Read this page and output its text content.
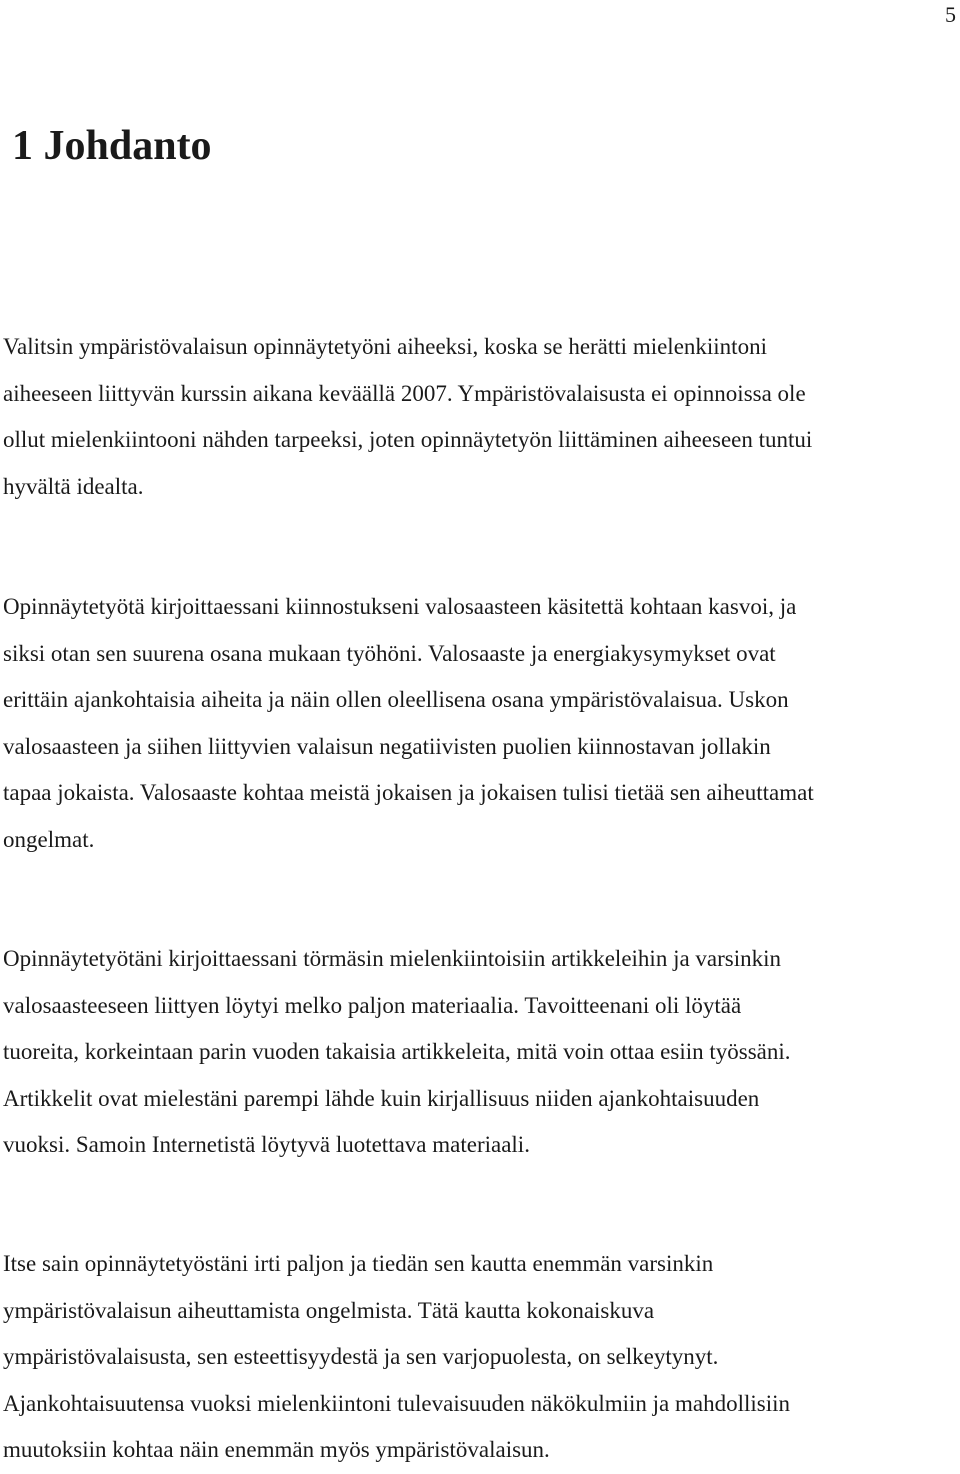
5
1 Johdanto

Valitsin ympäristövalaisun opinnäytetyöni aiheeksi, koska se herätti mielenkiintoni
aiheeseen liittyvän kurssin aikana keväällä 2007. Ympäristövalaisusta ei opinnoissa ole
ollut mielenkiintooni nähden tarpeeksi, joten opinnäytetyön liittäminen aiheeseen tuntui
hyvältä idealta.

Opinnäytetyötä kirjoittaessani kiinnostukseni valosaasteen käsitettä kohtaan kasvoi, ja
siksi otan sen suurena osana mukaan työhöni. Valosaaste ja energiakysymykset ovat
erittäin ajankohtaisia aiheita ja näin ollen oleellisena osana ympäristövalaisua. Uskon
valosaasteen ja siihen liittyvien valaisun negatiivisten puolien kiinnostavan jollakin
tapaa jokaista. Valosaaste kohtaa meistä jokaisen ja jokaisen tulisi tietää sen aiheuttamat
ongelmat.

Opinnäytetyötäni kirjoittaessani törmäsin mielenkiintoisiin artikkeleihin ja varsinkin
valosaasteeseen liittyen löytyi melko paljon materiaalia. Tavoitteenani oli löytää
tuoreita, korkeintaan parin vuoden takaisia artikkeleita, mitä voin ottaa esiin työssäni.
Artikkelit ovat mielestäni parempi lähde kuin kirjallisuus niiden ajankohtaisuuden
vuoksi. Samoin Internetistä löytyvä luotettava materiaali.

Itse sain opinnäytetyöstäni irti paljon ja tiedän sen kautta enemmän varsinkin
ympäristövalaisun aiheuttamista ongelmista. Tätä kautta kokonaiskuva
ympäristövalaisusta, sen esteettisyydestä ja sen varjopuolesta, on selkeytynyt.
Ajankohtaisuutensa vuoksi mielenkiintoni tulevaisuuden näkökulmiin ja mahdollisiin
muutoksiin kohtaa näin enemmän myös ympäristövalaisun.
